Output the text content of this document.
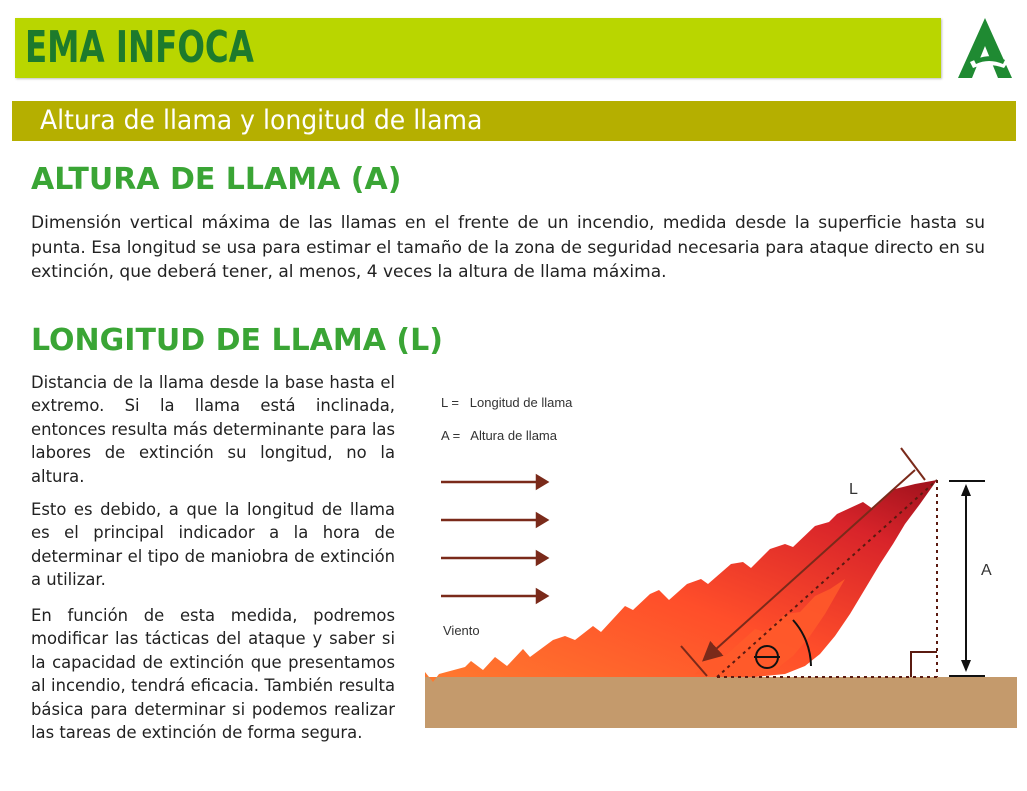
EMA INFOCA
Altura de llama y longitud de llama
ALTURA DE LLAMA (A)

Dimensión vertical máxima de las llamas en el frente de un incendio, medida desde la superficie hasta su punta. Esa longitud se usa para estimar el tamaño de la zona de seguridad necesaria para ataque directo en su extinción, que deberá tener, al menos, 4 veces la altura de llama máxima.

LONGITUD DE LLAMA (L)

Distancia de la llama desde la base hasta el extremo. Si la llama está inclinada, entonces resulta más determinante para las labores de extinción su longitud, no la altura.

Esto es debido, a que la longitud de llama es el principal indicador a la hora de determinar el tipo de maniobra de extinción a utilizar.

En función de esta medida, podremos modificar las tácticas del ataque y saber si la capacidad de extinción que presentamos al incendio, tendrá eficacia. También resulta básica para determinar si podemos realizar las tareas de extinción de forma segura.

L
A
Viento
L =   Longitud de llama
A =   Altura de llama
